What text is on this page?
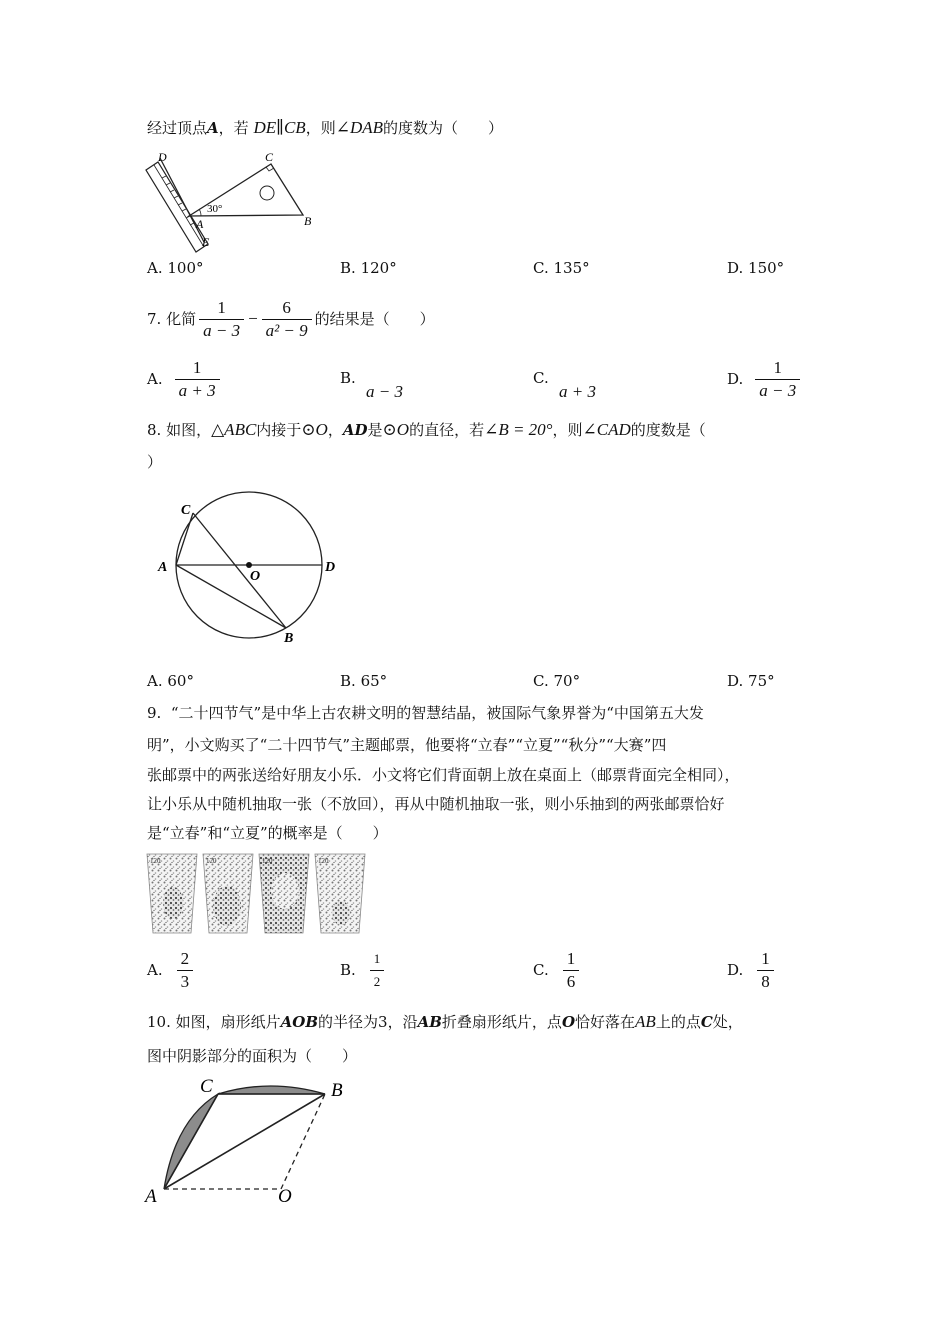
经过顶点A，若 DE∥CB，则∠DAB的度数为（　　）
D	C
A
30°
B
E
A. 100°	B. 120°	C. 135°	D. 150°
7.
化简 $\frac{1}{a - 3} - \frac{6}{\text{a² − 9}}$ 的结果是（　　）
A. $\frac{1}{a + 3}$	B.
a − 3
C.
a + 3
D. $\frac{1}{a - 3}$
8. 如图，△ABC内接于⊙O，AD是⊙O的直径，若∠B = 20°，则∠CAD的度数是（
）
C
A
O
D
B
A. 60°	B. 65°	C. 70°	D. 75°
9. “二十四节气”是中华上古农耕文明的智慧结晶，被国际气象界誉为“中国第五大发
明”，小文购买了“二十四节气”主题邮票，他要将“立春”“立夏”“秋分”“大赛”四
张邮票中的两张送给好朋友小乐．小文将它们背面朝上放在桌面上（邮票背面完全相同），
让小乐从中随机抽取一张（不放回），再从中随机抽取一张，则小乐抽到的两张邮票恰好
是“立春”和“立夏”的概率是（　　）
120	120	120	120
A. $\frac{2}{3}$	B. $\frac{1}{2}$	C. $\frac{1}{6}$	D. $\frac{1}{8}$
10. 如图，扇形纸片AOB的半径为3，沿AB折叠扇形纸片，点O恰好落在AB上的点C处，
图中阴影部分的面积为（　　）
C	B
A	O
